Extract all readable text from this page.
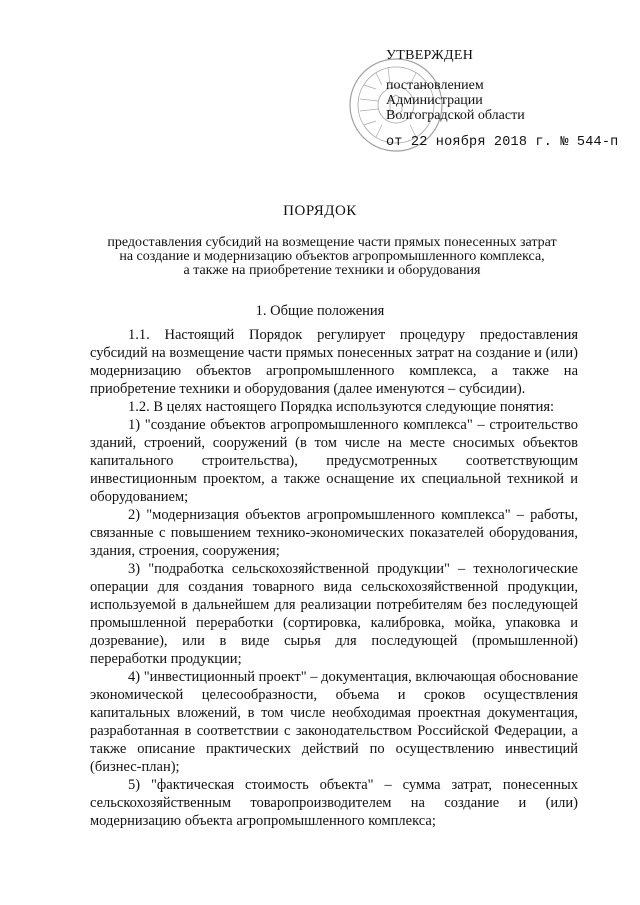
УТВЕРЖДЕН
постановлением
Администрации
Волгоградской области
от 22 ноября 2018 г. № 544-п
ПОРЯДОК
предоставления субсидий на возмещение части прямых понесенных затрат
на создание и модернизацию объектов агропромышленного комплекса,
а также на приобретение техники и оборудования
1. Общие положения

1.1. Настоящий Порядок регулирует процедуру предоставления субсидий на возмещение части прямых понесенных затрат на создание и (или) модернизацию объектов агропромышленного комплекса, а также на приобретение техники и оборудования (далее именуются – субсидии).

1.2. В целях настоящего Порядка используются следующие понятия:

1) "создание объектов агропромышленного комплекса" – строительство зданий, строений, сооружений (в том числе на месте сносимых объектов капитального строительства), предусмотренных соответствующим инвестиционным проектом, а также оснащение их специальной техникой и оборудованием;

2) "модернизация объектов агропромышленного комплекса" – работы, связанные с повышением технико-экономических показателей оборудования, здания, строения, сооружения;

3) "подработка сельскохозяйственной продукции" – технологические операции для создания товарного вида сельскохозяйственной продукции, используемой в дальнейшем для реализации потребителям без последующей промышленной переработки (сортировка, калибровка, мойка, упаковка и дозревание), или в виде сырья для последующей (промышленной) переработки продукции;

4) "инвестиционный проект" – документация, включающая обоснование экономической целесообразности, объема и сроков осуществления капитальных вложений, в том числе необходимая проектная документация, разработанная в соответствии с законодательством Российской Федерации, а также описание практических действий по осуществлению инвестиций (бизнес-план);

5) "фактическая стоимость объекта" – сумма затрат, понесенных сельскохозяйственным товаропроизводителем на создание и (или) модернизацию объекта агропромышленного комплекса;
